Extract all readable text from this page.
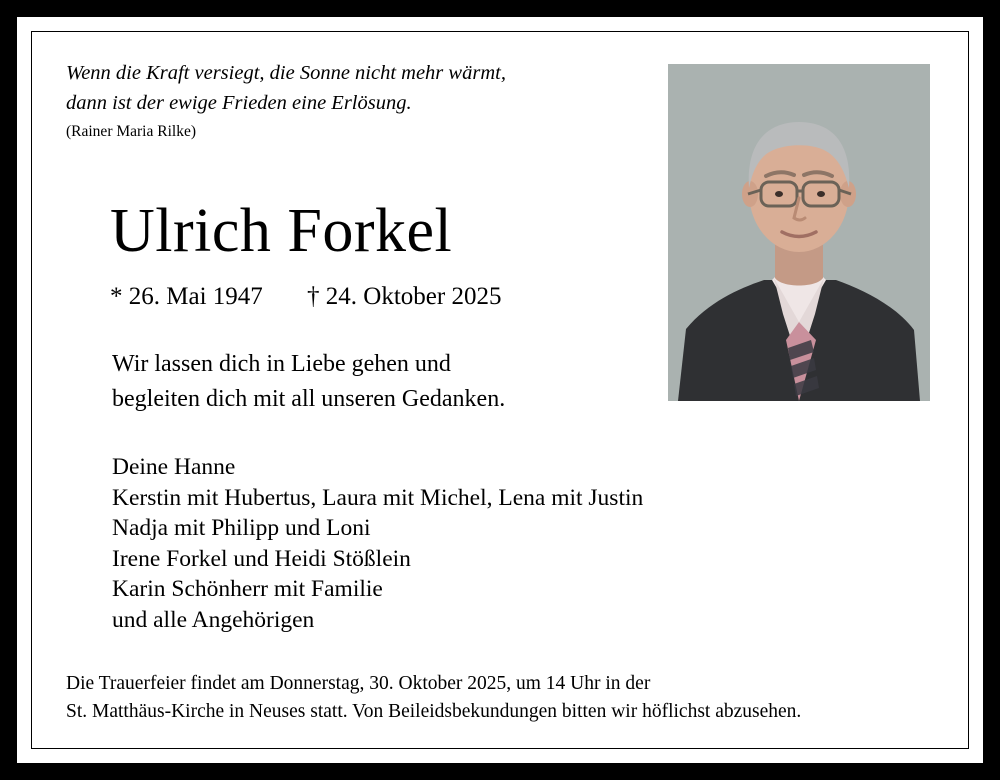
Wenn die Kraft versiegt, die Sonne nicht mehr wärmt,
dann ist der ewige Frieden eine Erlösung.
(Rainer Maria Rilke)
Ulrich Forkel
* 26. Mai 1947 † 24. Oktober 2025
Wir lassen dich in Liebe gehen und
begleiten dich mit all unseren Gedanken.
Deine Hanne
Kerstin mit Hubertus, Laura mit Michel, Lena mit Justin
Nadja mit Philipp und Loni
Irene Forkel und Heidi Stößlein
Karin Schönherr mit Familie
und alle Angehörigen
Die Trauerfeier findet am Donnerstag, 30. Oktober 2025, um 14 Uhr in der
St. Matthäus-Kirche in Neuses statt. Von Beileidsbekundungen bitten wir höflichst abzusehen.
